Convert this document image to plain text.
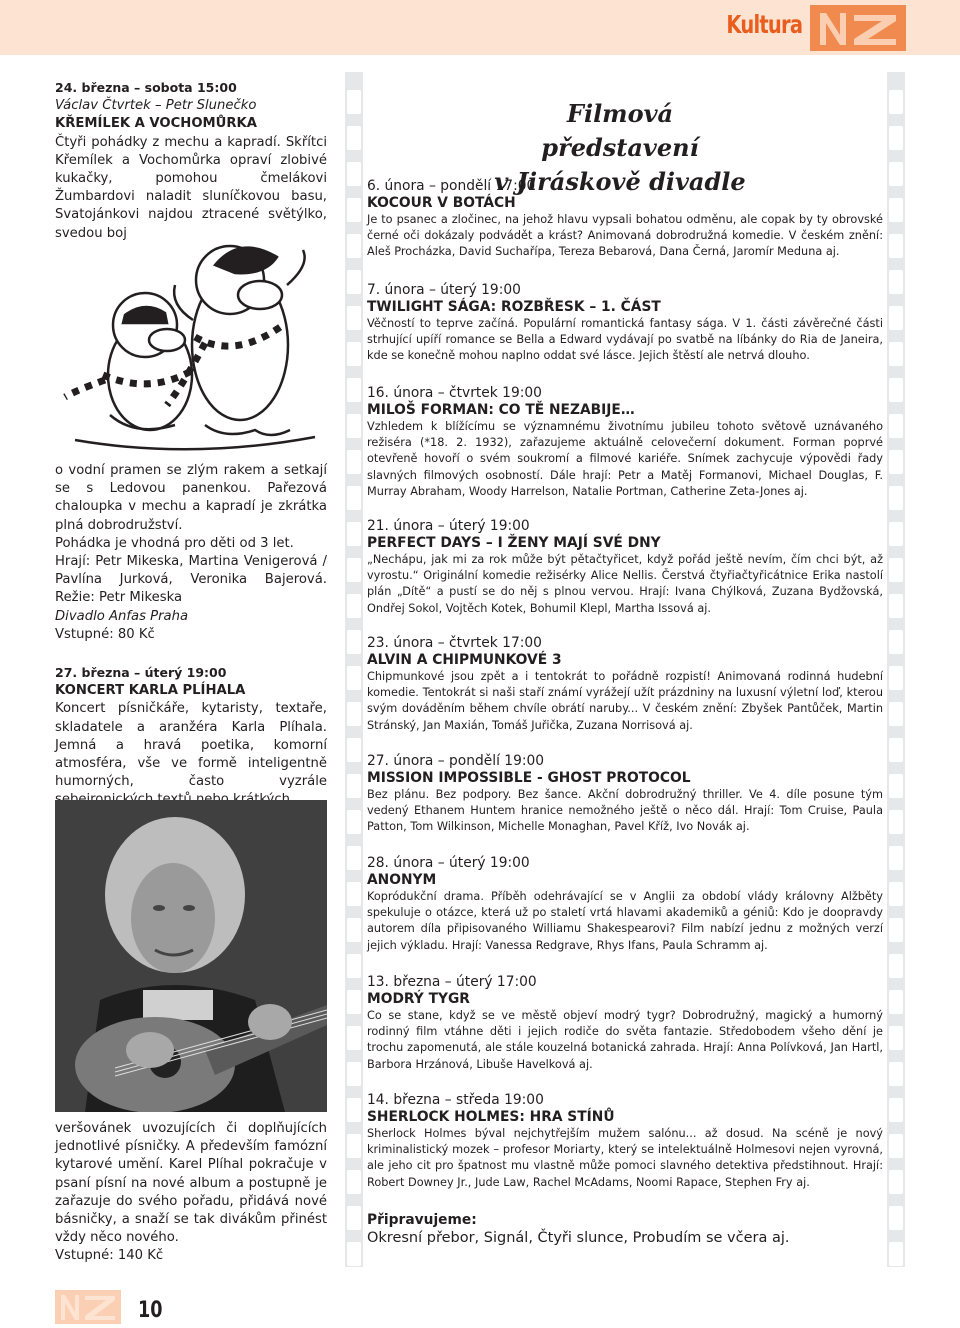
Kultura

24. března – sobota 15:00

Václav Čtvrtek – Petr Slunečko

KŘEMÍLEK A VOCHOMŮRKA

Čtyři pohádky z mechu a kapradí. Skřítci Křemílek a Vochomůrka opraví zlobivé kukačky, pomohou čmelákovi Žumbardovi naladit sluníčkovou basu, Svatojánkovi najdou ztracené světýlko, svedou boj

o vodní pramen se zlým rakem a setkají se s Ledovou panenkou. Pařezová chaloupka v mechu a kapradí je zkrátka plná dobrodružství.

Pohádka je vhodná pro děti od 3 let.

Hrají: Petr Mikeska, Martina Venigerová / Pavlína Jurková, Veronika Bajerová. Režie: Petr Mikeska

Divadlo Anfas Praha

Vstupné: 80 Kč

27. března – úterý 19:00

KONCERT KARLA PLÍHALA

Koncert písničkáře, kytaristy, textaře, skladatele a aranžéra Karla Plíhala. Jemná a hravá poetika, komorní atmosféra, vše ve formě inteligentně humorných, často vyzrále

veršovánek uvozujících či doplňujících jednotlivé písničky. A především famózní kytarové umění. Karel Plíhal pokračuje v psaní písní na nové album a postupně je zařazuje do svého pořadu, přidává nové básničky, a snaží se tak divákům přinést vždy něco nového.

Vstupné: 140 Kč

Filmová představení
v Jiráskově divadle
6. února – pondělí 17:00
KOCOUR V BOTÁCH

Je to psanec a zločinec, na jehož hlavu vypsali bohatou odměnu, ale copak by ty obrovské černé oči dokázaly podvádět a krást? Animovaná dobrodružná komedie. V českém znění: Aleš Procházka, David Suchařípa, Tereza Bebarová, Dana Černá, Jaromír Meduna aj.

7. února – úterý 19:00
TWILIGHT SÁGA: ROZBŘESK – 1. ČÁST

Věčností to teprve začíná. Populární romantická fantasy sága. V 1. části závěrečné části strhující upíří romance se Bella a Edward vydávají po svatbě na líbánky do Ria de Janeira, kde se konečně mohou naplno oddat své lásce. Jejich štěstí ale netrvá dlouho.

16. února – čtvrtek 19:00
MILOŠ FORMAN: CO TĚ NEZABIJE…

Vzhledem k blížícímu se významnému životnímu jubileu tohoto světově uznávaného režiséra (*18. 2. 1932), zařazujeme aktuálně celovečerní dokument. Forman poprvé otevřeně hovoří o svém soukromí a filmové kariéře. Snímek zachycuje výpovědi řady slavných filmových osobností. Dále hrají: Petr a Matěj Formanovi, Michael Douglas, F. Murray Abraham, Woody Harrelson, Natalie Portman, Catherine Zeta-Jones aj.

21. února – úterý 19:00
PERFECT DAYS – I ŽENY MAJÍ SVÉ DNY

„Nechápu, jak mi za rok může být pětačtyřicet, když pořád ještě nevím, čím chci být, až vyrostu.“ Originální komedie režisérky Alice Nellis. Čerstvá čtyřiačtyřicátnice Erika nastolí plán „Dítě“ a pustí se do něj s plnou vervou. Hrají: Ivana Chýlková, Zuzana Bydžovská, Ondřej Sokol, Vojtěch Kotek, Bohumil Klepl, Martha Issová aj.

23. února – čtvrtek 17:00
ALVIN A CHIPMUNKOVÉ 3

Chipmunkové jsou zpět a i tentokrát to pořádně rozpistí! Animovaná rodinná hudební komedie. Tentokrát si naši staří známí vyrážejí užít prázdniny na luxusní výletní loď, kterou svým dováděním během chvíle obrátí naruby... V českém znění: Zbyšek Pantůček, Martin Stránský, Jan Maxián, Tomáš Juřička, Zuzana Norrisová aj.

27. února – pondělí 19:00
MISSION IMPOSSIBLE - GHOST PROTOCOL

Bez plánu. Bez podpory. Bez šance. Akční dobrodružný thriller. Ve 4. díle posune tým vedený Ethanem Huntem hranice nemožného ještě o něco dál. Hrají: Tom Cruise, Paula Patton, Tom Wilkinson, Michelle Monaghan, Pavel Kříž, Ivo Novák aj.

28. února – úterý 19:00
ANONYM

Kopródukční drama. Příběh odehrávající se v Anglii za období vlády královny Alžběty spekuluje o otázce, která už po staletí vrtá hlavami akademiků a géniů: Kdo je doopravdy autorem díla připisovaného Williamu Shakespearovi? Film nabízí jednu z možných verzí jejich výkladu. Hrají: Vanessa Redgrave, Rhys Ifans, Paula Schramm aj.

13. března – úterý 17:00
MODRÝ TYGR

Co se stane, když se ve městě objeví modrý tygr? Dobrodružný, magický a humorný rodinný film vtáhne děti i jejich rodiče do světa fantazie. Středobodem všeho dění je trochu zapomenutá, ale stále kouzelná botanická zahrada. Hrají: Anna Polívková, Jan Hartl, Barbora Hrzánová, Libuše Havelková aj.

14. března – středa 19:00
SHERLOCK HOLMES: HRA STÍNŮ

Sherlock Holmes býval nejchytřejším mužem salónu... až dosud. Na scéně je nový kriminalistický mozek – profesor Moriarty, který se intelektuálně Holmesovi nejen vyrovná, ale jeho cit pro špatnost mu vlastně může pomoci slavného detektiva předstihnout. Hrají: Robert Downey Jr., Jude Law, Rachel McAdams, Noomi Rapace, Stephen Fry aj.

Připravujeme:
Okresní přebor, Signál, Čtyři slunce, Probudím se včera aj.
10
